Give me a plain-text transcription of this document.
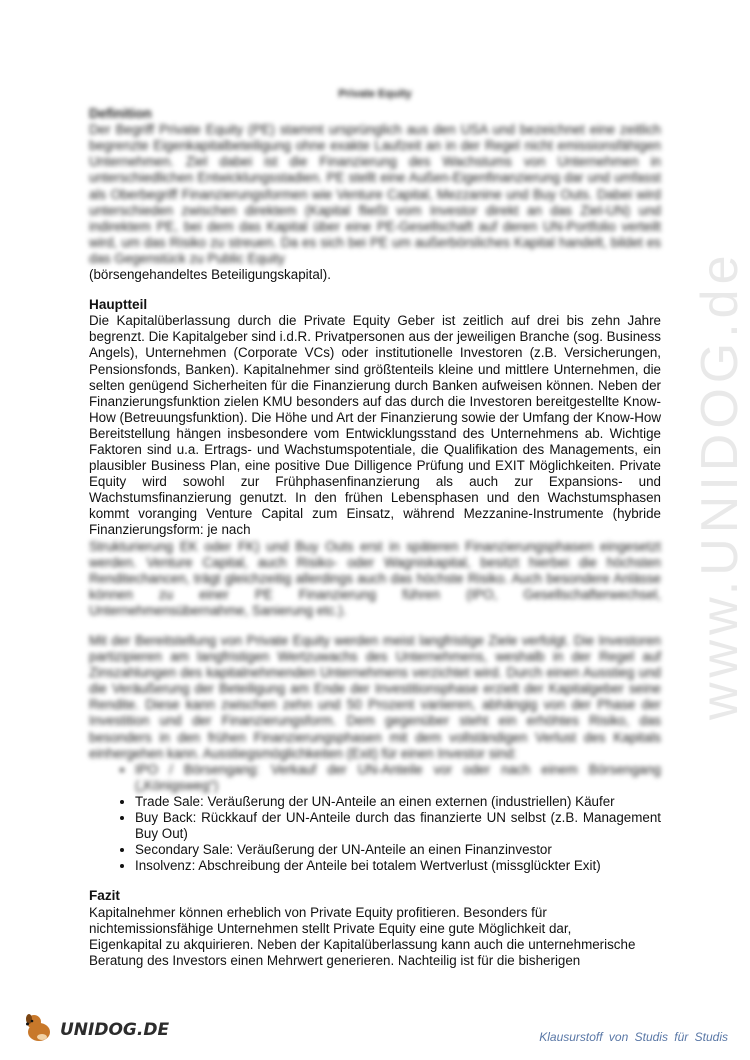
www.UNIDOG.de
Private Equity
Definition

Der Begriff Private Equity (PE) stammt ursprünglich aus den USA und bezeichnet eine zeitlich begrenzte Eigenkapitalbeteiligung ohne exakte Laufzeit an in der Regel nicht emissionsfähigen Unternehmen. Ziel dabei ist die Finanzierung des Wachstums von Unternehmen in unterschiedlichen Entwicklungsstadien. PE stellt eine Außen-Eigenfinanzierung dar und umfasst als Oberbegriff Finanzierungsformen wie Venture Capital, Mezzanine und Buy Outs. Dabei wird unterschieden zwischen direktem (Kapital fließt vom Investor direkt an das Ziel-UN) und indirektem PE, bei dem das Kapital über eine PE-Gesellschaft auf deren UN-Portfolio verteilt wird, um das Risiko zu streuen. Da es sich bei PE um außerbörsliches Kapital handelt, bildet es das Gegenstück zu Public Equity

(börsengehandeltes Beteiligungskapital).

Hauptteil

Die Kapitalüberlassung durch die Private Equity Geber ist zeitlich auf drei bis zehn Jahre begrenzt. Die Kapitalgeber sind i.d.R. Privatpersonen aus der jeweiligen Branche (sog. Business Angels), Unternehmen (Corporate VCs) oder institutionelle Investoren (z.B. Versicherungen, Pensionsfonds, Banken). Kapitalnehmer sind größtenteils kleine und mittlere Unternehmen, die selten genügend Sicherheiten für die Finanzierung durch Banken aufweisen können. Neben der Finanzierungsfunktion zielen KMU besonders auf das durch die Investoren bereitgestellte Know-How (Betreuungsfunktion). Die Höhe und Art der Finanzierung sowie der Umfang der Know-How Bereitstellung hängen insbesondere vom Entwicklungsstand des Unternehmens ab. Wichtige Faktoren sind u.a. Ertrags- und Wachstumspotentiale, die Qualifikation des Managements, ein plausibler Business Plan, eine positive Due Dilligence Prüfung und EXIT Möglichkeiten. Private Equity wird sowohl zur Frühphasenfinanzierung als auch zur Expansions- und Wachstumsfinanzierung genutzt. In den frühen Lebensphasen und den Wachstumsphasen kommt voranging Venture Capital zum Einsatz, während Mezzanine-Instrumente (hybride Finanzierungsform: je nach

Strukturierung EK oder FK) und Buy Outs erst in späteren Finanzierungsphasen eingesetzt werden. Venture Capital, auch Risiko- oder Wagniskapital, besitzt hierbei die höchsten Renditechancen, trägt gleichzeitig allerdings auch das höchste Risiko. Auch besondere Anlässe können zu einer PE Finanzierung führen (IPO, Gesellschafterwechsel, Unternehmensübernahme, Sanierung etc.).

Mit der Bereitstellung von Private Equity werden meist langfristige Ziele verfolgt. Die Investoren partizipieren am langfristigen Wertzuwachs des Unternehmens, weshalb in der Regel auf Zinszahlungen des kapitalnehmenden Unternehmens verzichtet wird. Durch einen Ausstieg und die Veräußerung der Beteiligung am Ende der Investitionsphase erzielt der Kapitalgeber seine Rendite. Diese kann zwischen zehn und 50 Prozent variieren, abhängig von der Phase der Investition und der Finanzierungsform. Dem gegenüber steht ein erhöhtes Risiko, das besonders in den frühen Finanzierungsphasen mit dem vollständigen Verlust des Kapitals einhergehen kann. Ausstiegsmöglichkeiten (Exit) für einen Investor sind:

• IPO / Börsengang: Verkauf der UN-Anteile vor oder nach einem Börsengang („Königsweg“)
• Trade Sale: Veräußerung der UN-Anteile an einen externen (industriellen) Käufer
• Buy Back: Rückkauf der UN-Anteile durch das finanzierte UN selbst (z.B. Management Buy Out)
• Secondary Sale: Veräußerung der UN-Anteile an einen Finanzinvestor
• Insolvenz: Abschreibung der Anteile bei totalem Wertverlust (missglückter Exit)
Fazit
Kapitalnehmer können erheblich von Private Equity profitieren. Besonders für
nichtemissionsfähige Unternehmen stellt Private Equity eine gute Möglichkeit dar,
Eigenkapital zu akquirieren. Neben der Kapitalüberlassung kann auch die unternehmerische
Beratung des Investors einen Mehrwert generieren. Nachteilig ist für die bisherigen
UNIDOG.DE	Klausurstoff von Studis für Studis
